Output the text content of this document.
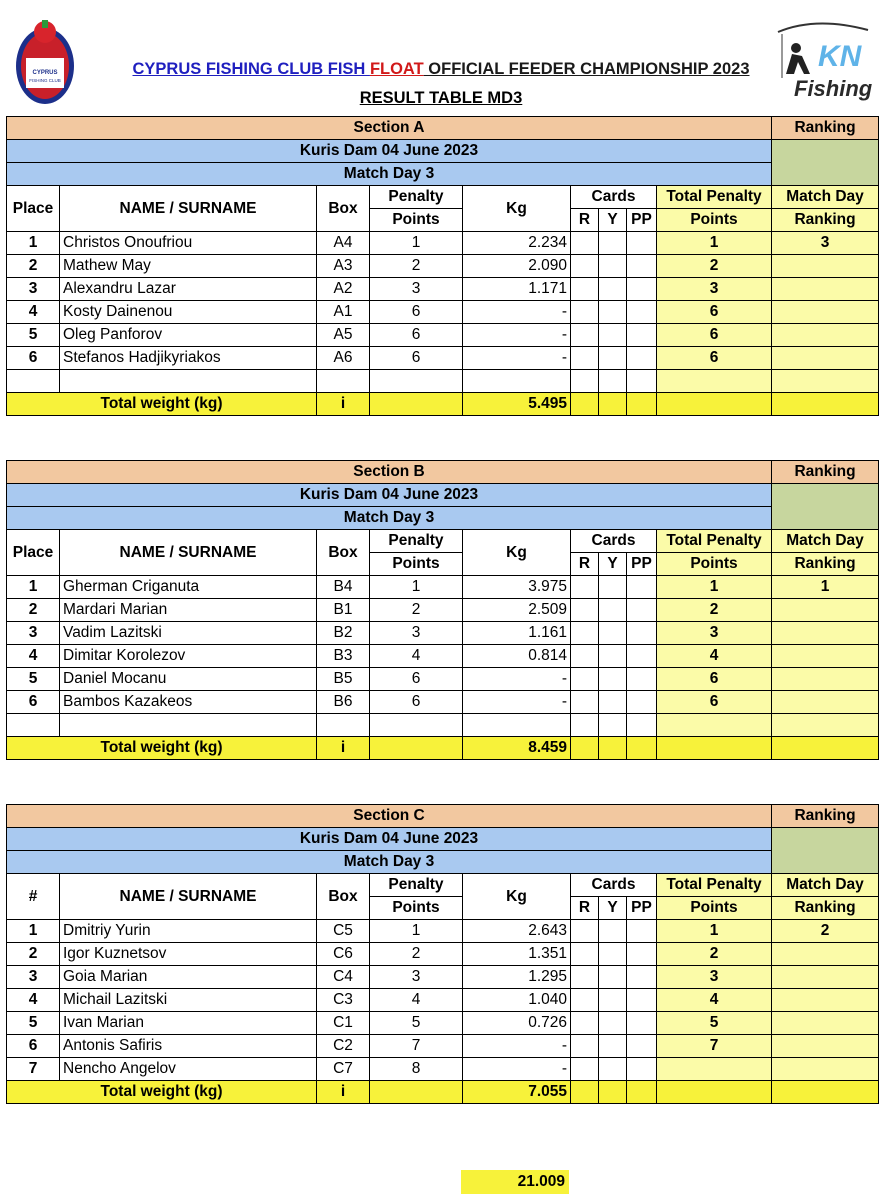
CYPRUS
FISHING CLUB
CYPRUS FISHING CLUB FISH FLOAT OFFICIAL FEEDER CHAMPIONSHIP 2023
RESULT TABLE MD3
KN
Fishing
Section A									Ranking
Kuris Dam 04 June 2023									
Match Day 3									
Place	NAME / SURNAME	Box	Penalty	Kg	Cards			Total Penalty	Match Day
			Points		R	Y	PP	Points	Ranking
1	Christos Onoufriou	A4	1	2.234				1	3
2	Mathew May	A3	2	2.090				2	
3	Alexandru Lazar	A2	3	1.171				3	
4	Kosty Dainenou	A1	6	-				6	
5	Oleg Panforov	A5	6	-				6	
6	Stefanos Hadjikyriakos	A6	6	-				6	

Total weight (kg)		i		5.495					
Section B									Ranking
Kuris Dam 04 June 2023									
Match Day 3									
Place	NAME / SURNAME	Box	Penalty	Kg	Cards			Total Penalty	Match Day
			Points		R	Y	PP	Points	Ranking
1	Gherman Criganuta	B4	1	3.975				1	1
2	Mardari Marian	B1	2	2.509				2	
3	Vadim Lazitski	B2	3	1.161				3	
4	Dimitar Korolezov	B3	4	0.814				4	
5	Daniel Mocanu	B5	6	-				6	
6	Bambos Kazakeos	B6	6	-				6	

Total weight (kg)		i		8.459					
Section C									Ranking
Kuris Dam 04 June 2023									
Match Day 3									
#	NAME / SURNAME	Box	Penalty	Kg	Cards			Total Penalty	Match Day
			Points		R	Y	PP	Points	Ranking
1	Dmitriy Yurin	C5	1	2.643				1	2
2	Igor Kuznetsov	C6	2	1.351				2	
3	Goia Marian	C4	3	1.295				3	
4	Michail Lazitski	C3	4	1.040				4	
5	Ivan Marian	C1	5	0.726				5	
6	Antonis Safiris	C2	7	-				7	
7	Nencho Angelov	C7	8	-					
Total weight (kg)		i		7.055					
21.009
